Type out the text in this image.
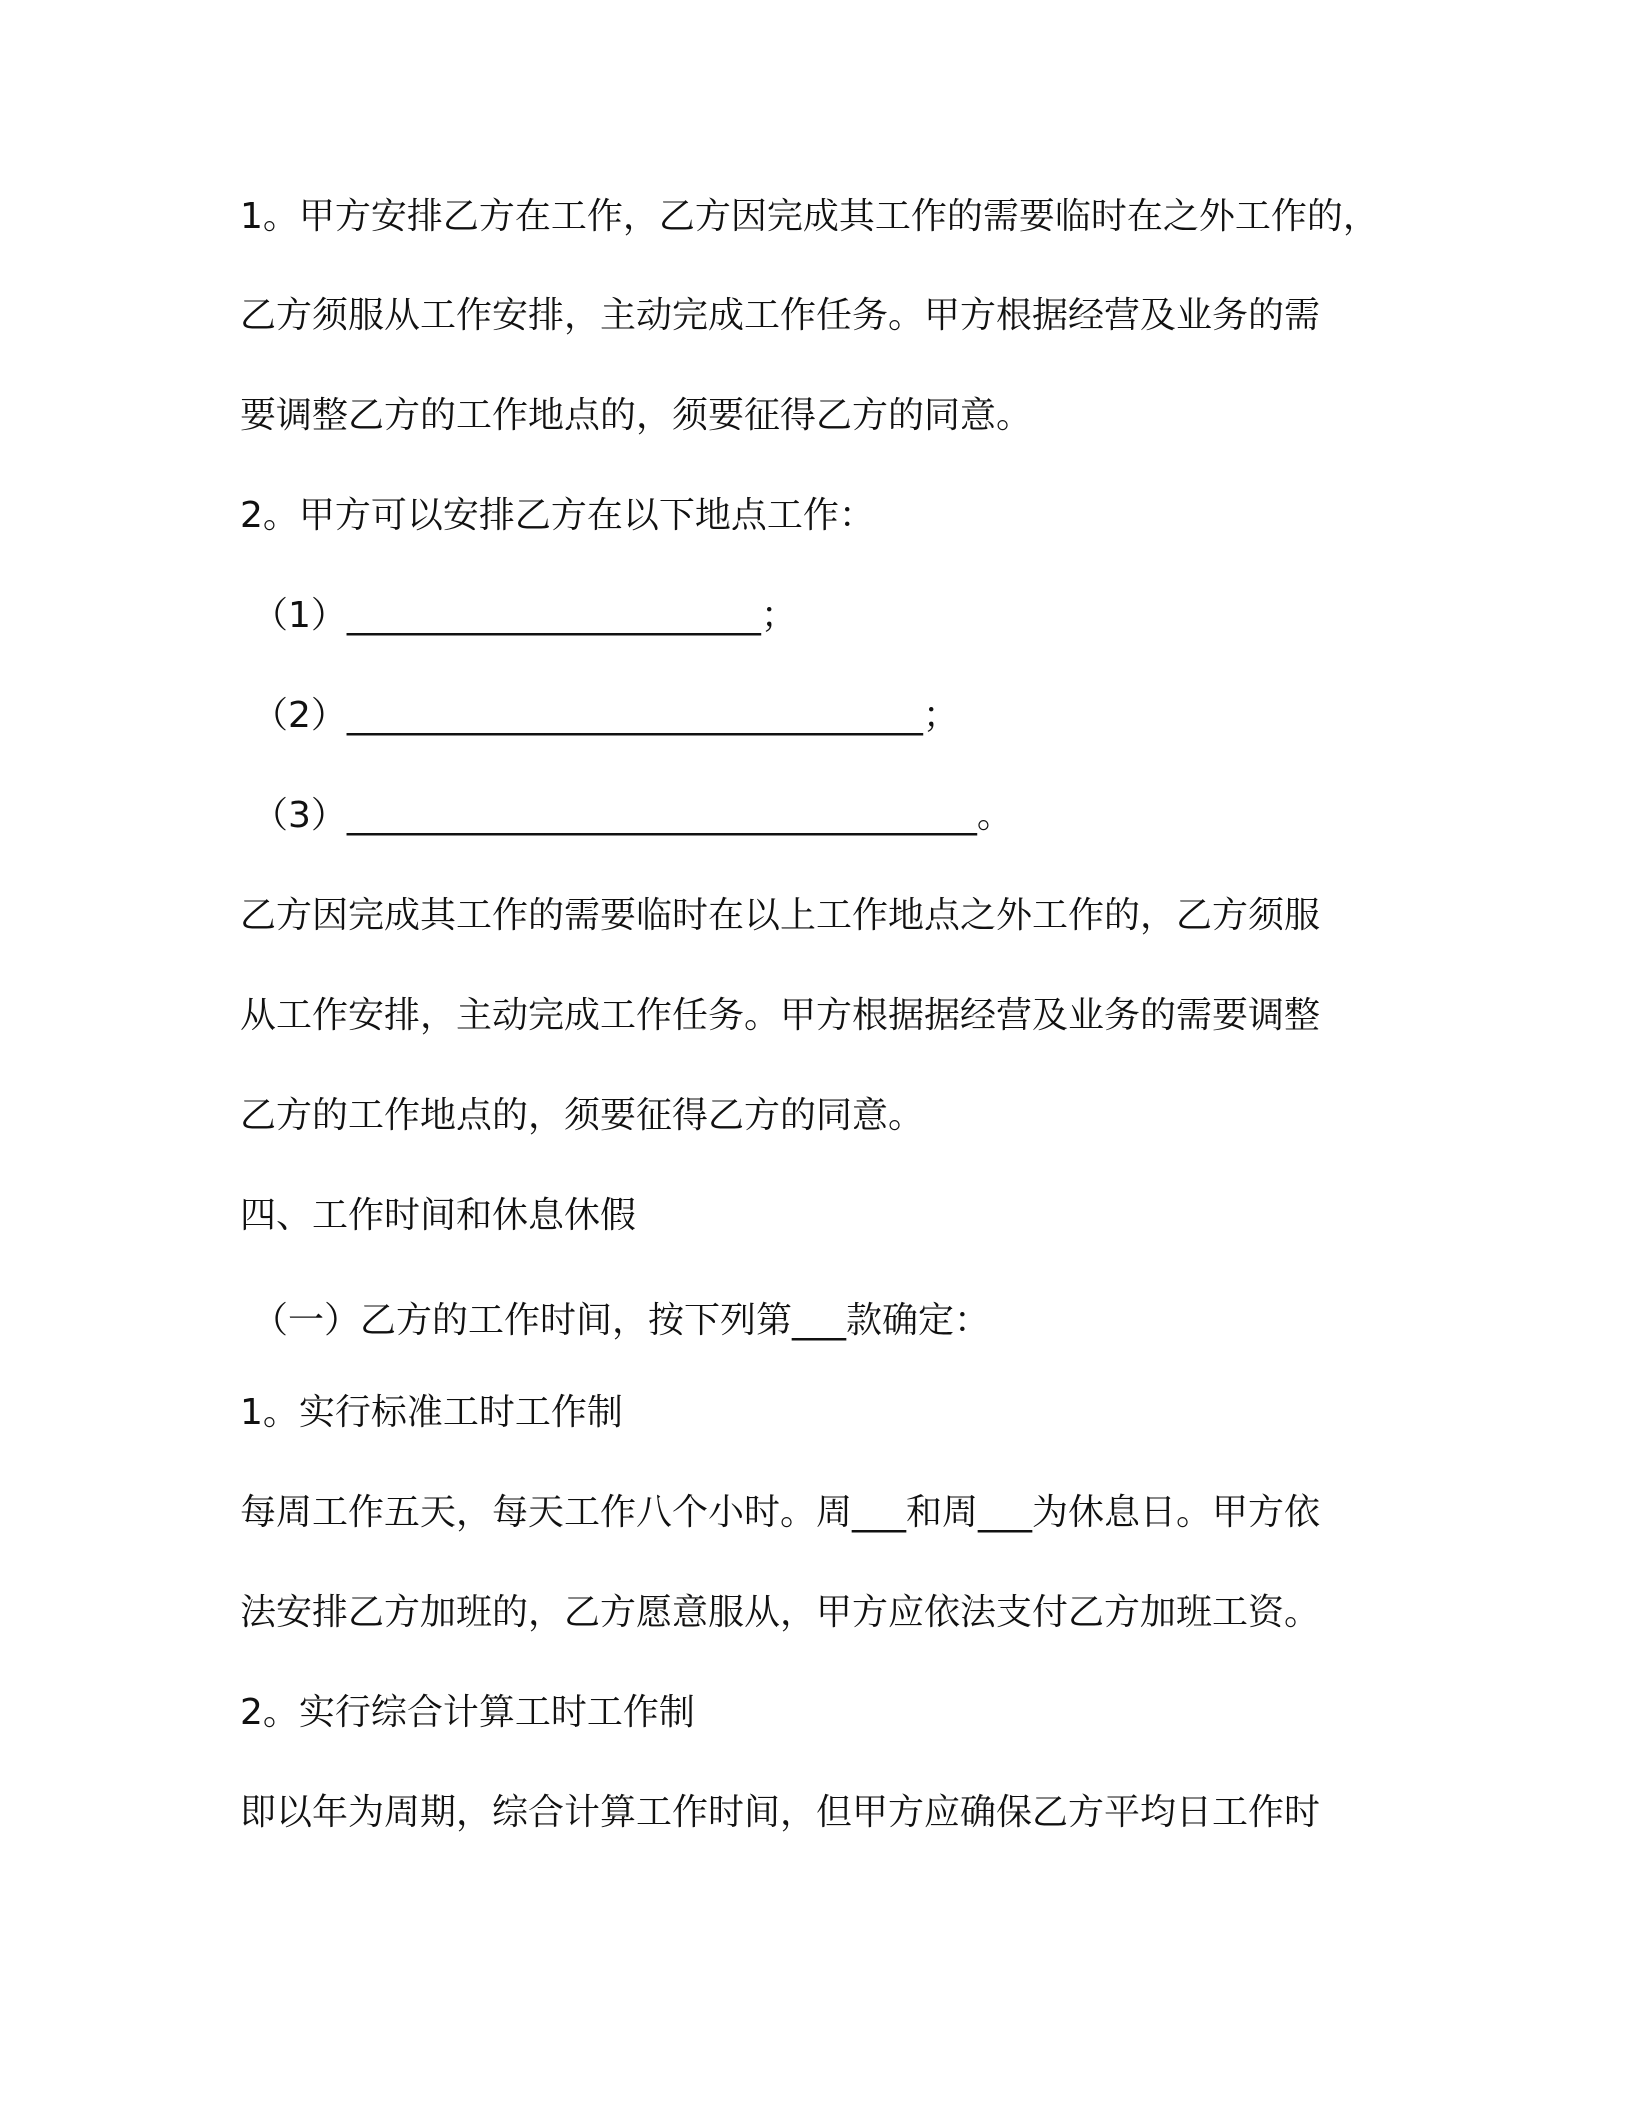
1。甲方安排乙方在工作，乙方因完成其工作的需要临时在之外工作的，
乙方须服从工作安排，主动完成工作任务。甲方根据经营及业务的需
要调整乙方的工作地点的，须要征得乙方的同意。
2。甲方可以安排乙方在以下地点工作：
（1）_______________________；
（2）________________________________；
（3）___________________________________。
乙方因完成其工作的需要临时在以上工作地点之外工作的，乙方须服
从工作安排，主动完成工作任务。甲方根据据经营及业务的需要调整
乙方的工作地点的，须要征得乙方的同意。
四、工作时间和休息休假
（一）乙方的工作时间，按下列第___款确定：
1。实行标准工时工作制
每周工作五天，每天工作八个小时。周___和周___为休息日。甲方依
法安排乙方加班的，乙方愿意服从，甲方应依法支付乙方加班工资。
2。实行综合计算工时工作制
即以年为周期，综合计算工作时间，但甲方应确保乙方平均日工作时
